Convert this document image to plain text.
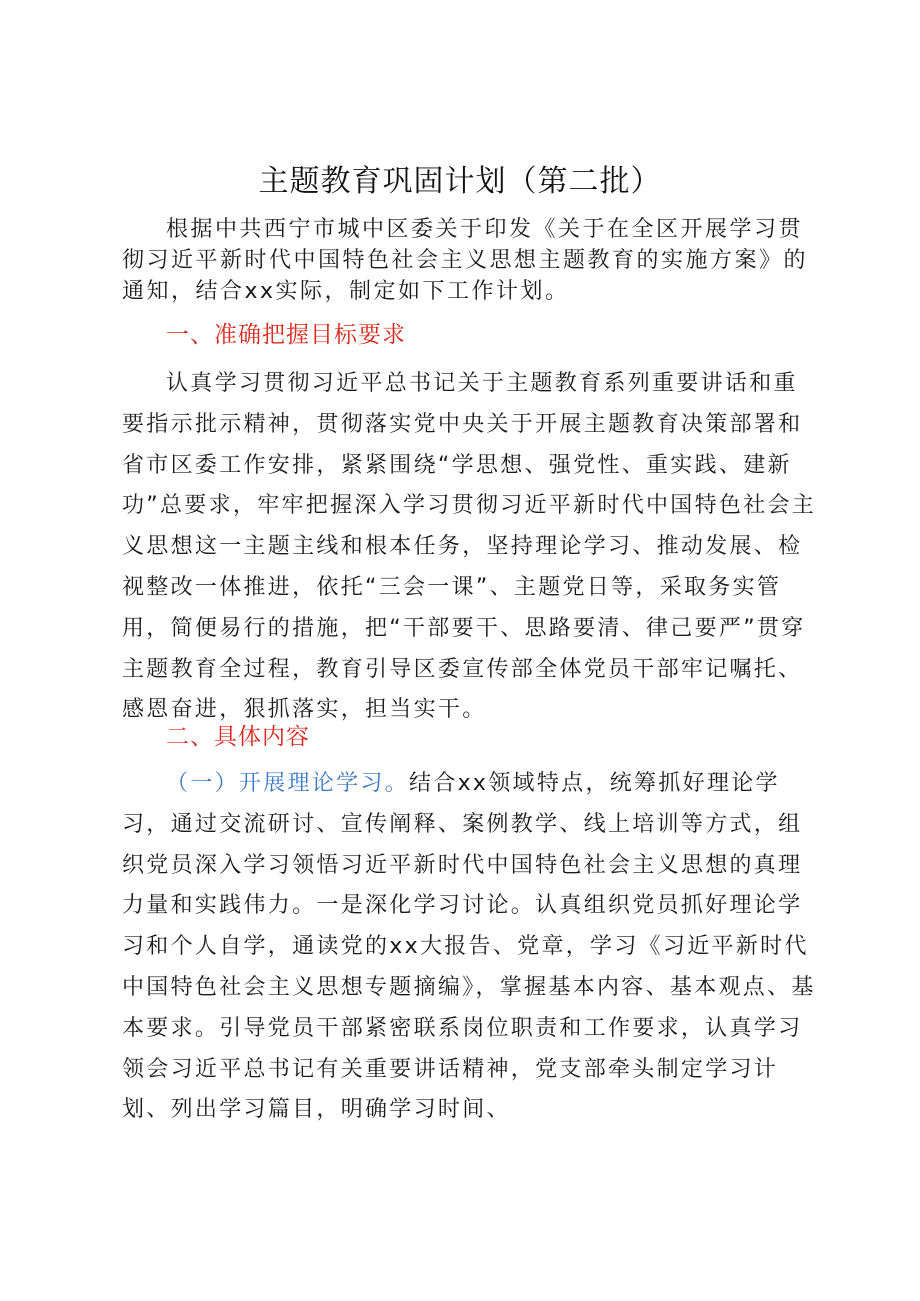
主题教育巩固计划（第二批）

根据中共西宁市城中区委关于印发《关于在全区开展学习贯彻习近平新时代中国特色社会主义思想主题教育的实施方案》的通知，结合xx实际，制定如下工作计划。

一、准确把握目标要求

认真学习贯彻习近平总书记关于主题教育系列重要讲话和重要指示批示精神，贯彻落实党中央关于开展主题教育决策部署和省市区委工作安排，紧紧围绕“学思想、强党性、重实践、建新功”总要求，牢牢把握深入学习贯彻习近平新时代中国特色社会主义思想这一主题主线和根本任务，坚持理论学习、推动发展、检视整改一体推进，依托“三会一课”、主题党日等，采取务实管用，简便易行的措施，把“干部要干、思路要清、律己要严”贯穿主题教育全过程，教育引导区委宣传部全体党员干部牢记嘱托、感恩奋进，狠抓落实，担当实干。

二、具体内容

（一）开展理论学习。结合xx领域特点，统筹抓好理论学习，通过交流研讨、宣传阐释、案例教学、线上培训等方式，组织党员深入学习领悟习近平新时代中国特色社会主义思想的真理力量和实践伟力。一是深化学习讨论。认真组织党员抓好理论学习和个人自学，通读党的xx大报告、党章，学习《习近平新时代中国特色社会主义思想专题摘编》，掌握基本内容、基本观点、基本要求。引导党员干部紧密联系岗位职责和工作要求，认真学习领会习近平总书记有关重要讲话精神，党支部牵头制定学习计划、列出学习篇目，明确学习时间、
